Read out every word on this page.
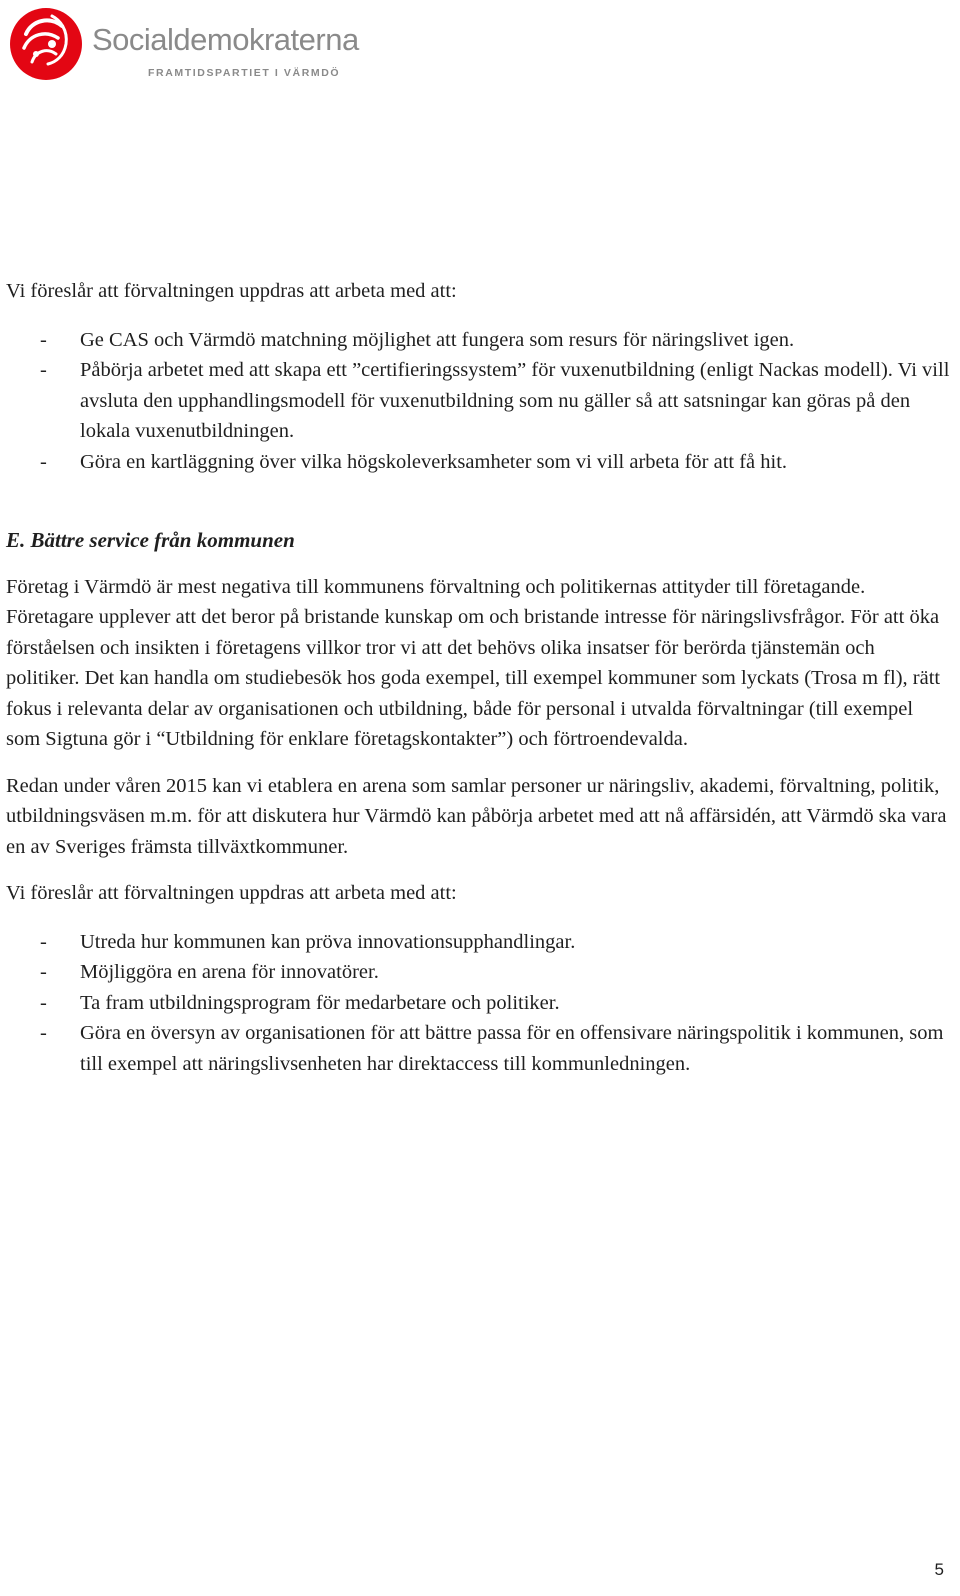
Socialdemokraterna
FRAMTIDSPARTIET I VÄRMDÖ

Vi föreslår att förvaltningen uppdras att arbeta med att:

- Ge CAS och Värmdö matchning möjlighet att fungera som resurs för näringslivet igen.
- Påbörja arbetet med att skapa ett ”certifieringssystem” för vuxenutbildning (enligt Nackas modell). Vi vill avsluta den upphandlingsmodell för vuxenutbildning som nu gäller så att satsningar kan göras på den lokala vuxenutbildningen.
- Göra en kartläggning över vilka högskoleverksamheter som vi vill arbeta för att få hit.

E. Bättre service från kommunen

Företag i Värmdö är mest negativa till kommunens förvaltning och politikernas attityder till företagande. Företagare upplever att det beror på bristande kunskap om och bristande intresse för näringslivsfrågor. För att öka förståelsen och insikten i företagens villkor tror vi att det behövs olika insatser för berörda tjänstemän och politiker. Det kan handla om studiebesök hos goda exempel, till exempel kommuner som lyckats (Trosa m fl), rätt fokus i relevanta delar av organisationen och utbildning, både för personal i utvalda förvaltningar (till exempel som Sigtuna gör i “Utbildning för enklare företagskontakter”) och förtroendevalda.

Redan under våren 2015 kan vi etablera en arena som samlar personer ur näringsliv, akademi, förvaltning, politik, utbildningsväsen m.m. för att diskutera hur Värmdö kan påbörja arbetet med att nå affärsidén, att Värmdö ska vara en av Sveriges främsta tillväxtkommuner.

Vi föreslår att förvaltningen uppdras att arbeta med att:

- Utreda hur kommunen kan pröva innovationsupphandlingar.
- Möjliggöra en arena för innovatörer.
- Ta fram utbildningsprogram för medarbetare och politiker.
- Göra en översyn av organisationen för att bättre passa för en offensivare näringspolitik i kommunen, som till exempel att näringslivsenheten har direktaccess till kommunledningen.
5
